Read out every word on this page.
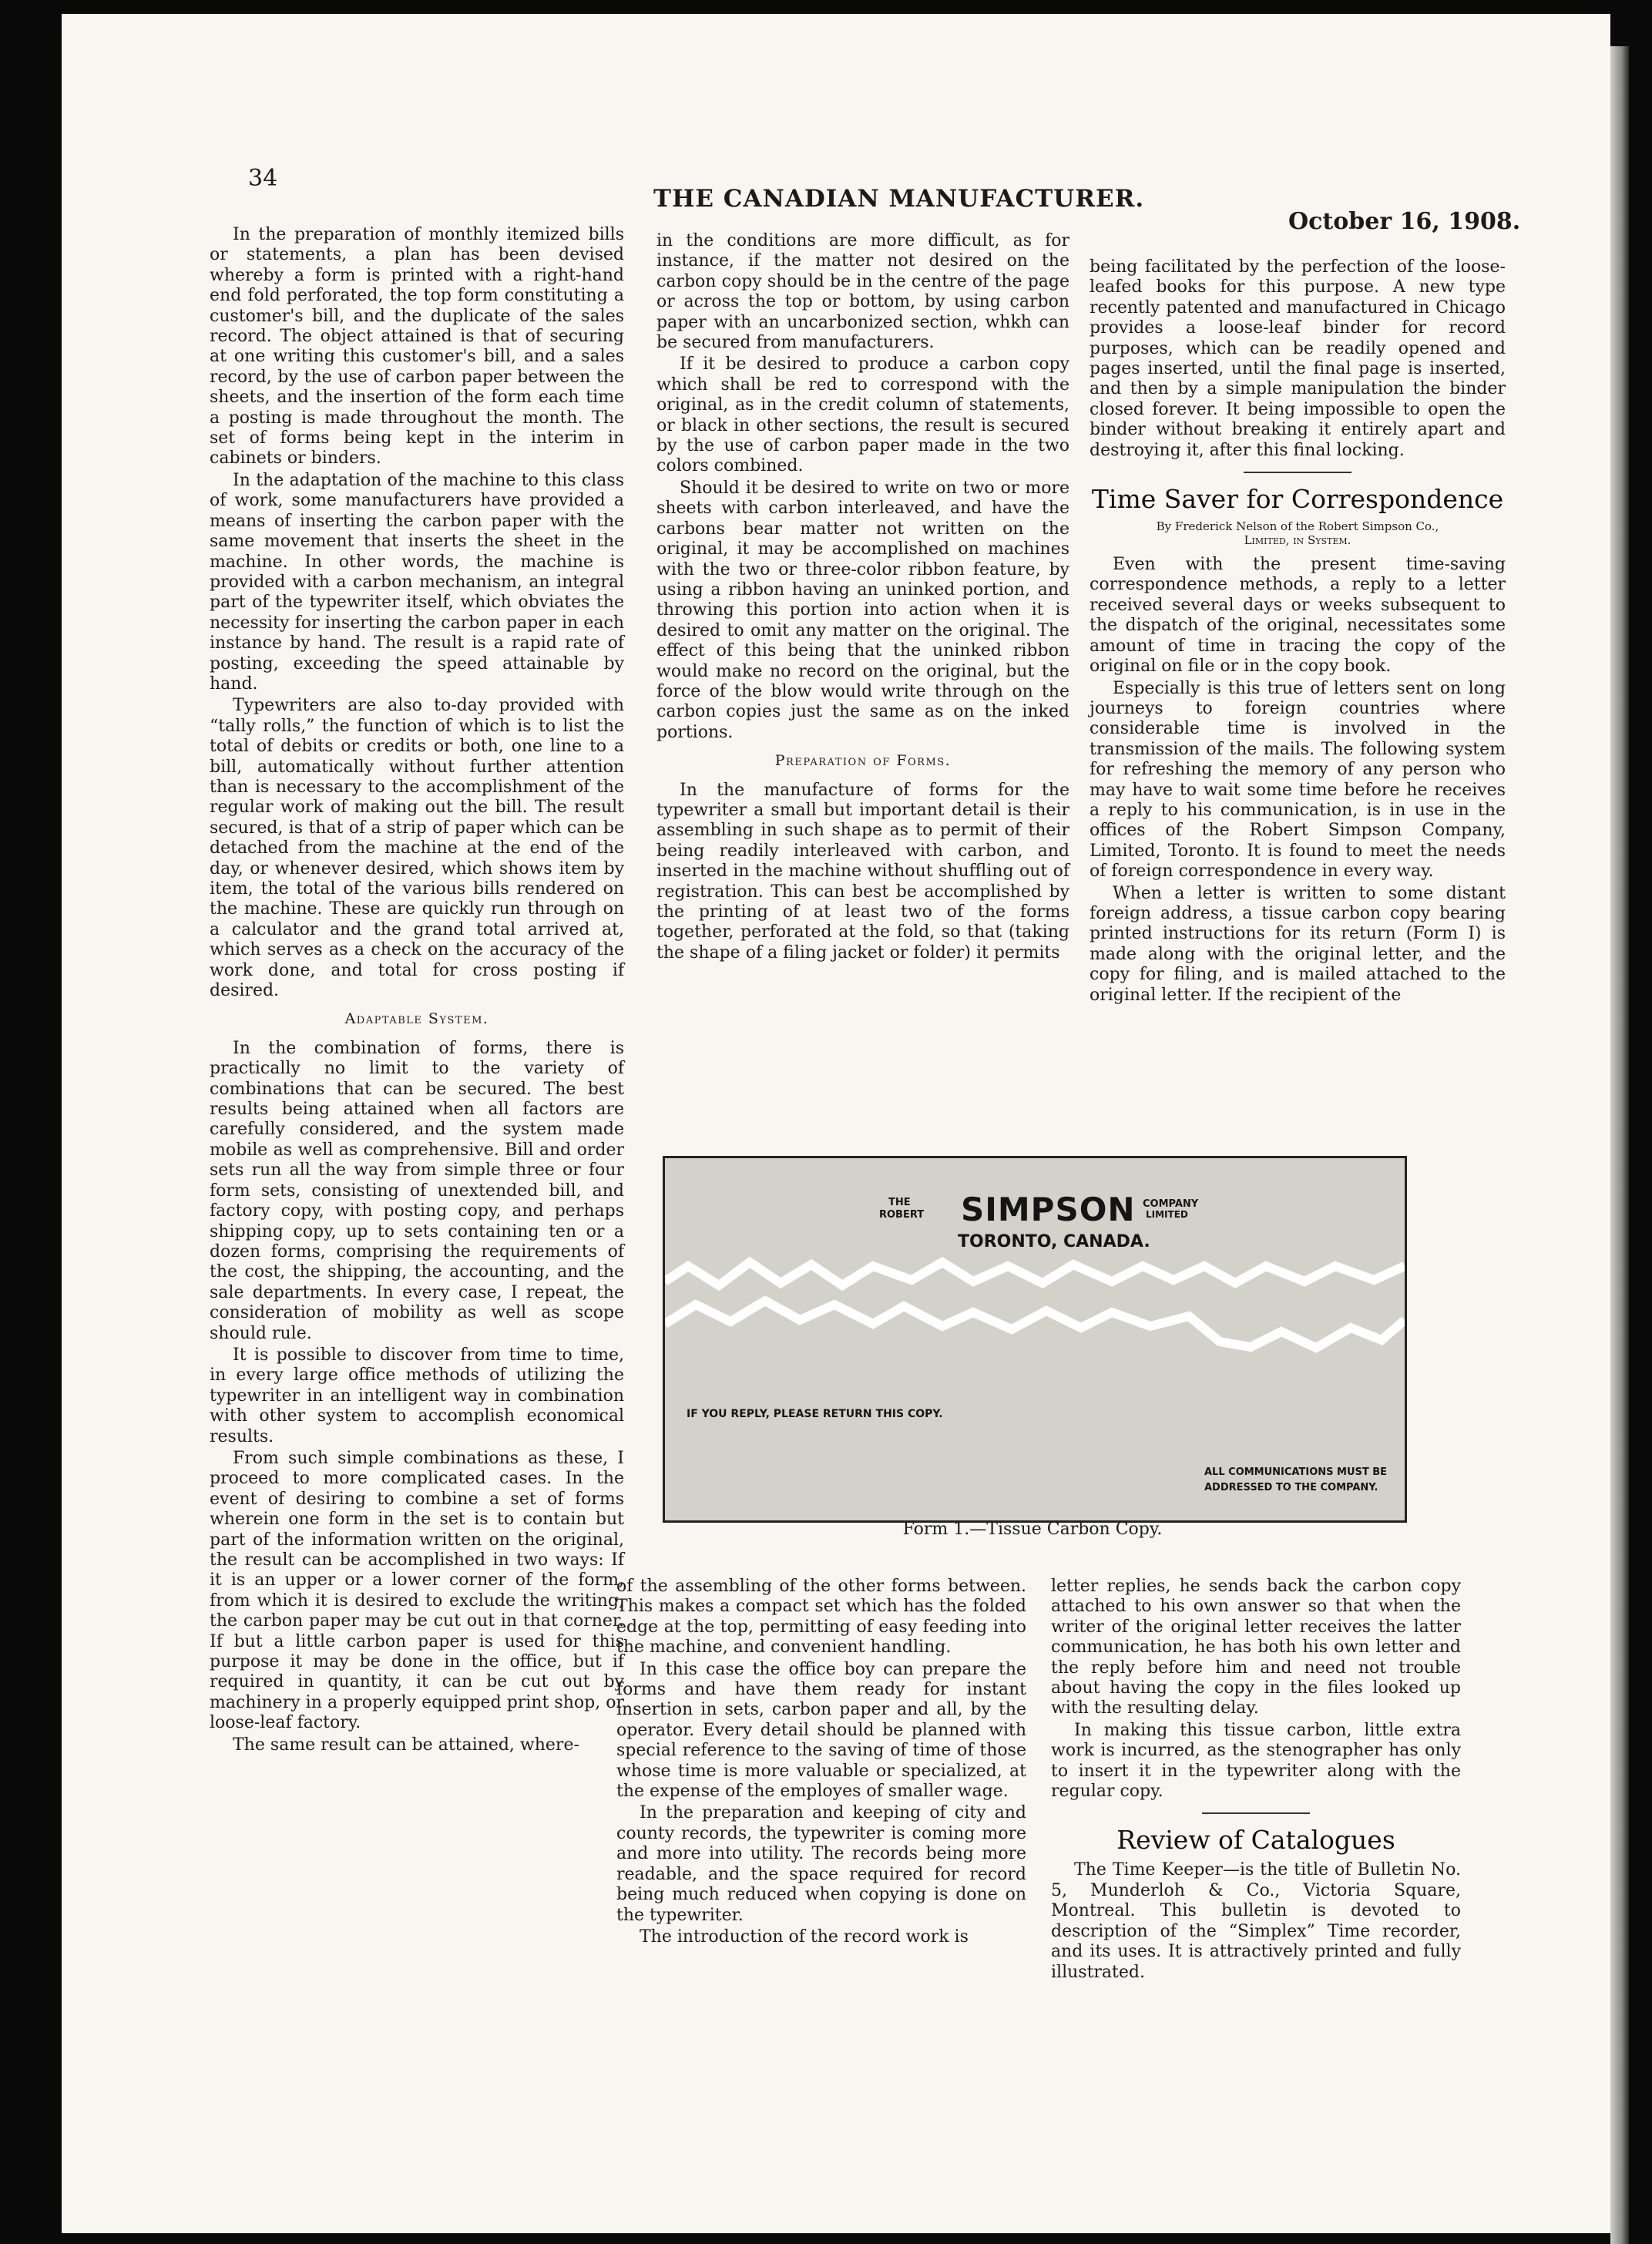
34
THE CANADIAN MANUFACTURER.
October 16, 1908.

In the preparation of monthly itemized bills or statements, a plan has been devised whereby a form is printed with a right-hand end fold perforated, the top form constituting a customer's bill, and the duplicate of the sales record. The object attained is that of securing at one writing this customer's bill, and a sales record, by the use of carbon paper between the sheets, and the insertion of the form each time a posting is made throughout the month. The set of forms being kept in the interim in cabinets or binders.

In the adaptation of the machine to this class of work, some manufacturers have provided a means of inserting the carbon paper with the same movement that inserts the sheet in the machine. In other words, the machine is provided with a carbon mechanism, an integral part of the typewriter itself, which obviates the necessity for inserting the carbon paper in each instance by hand. The result is a rapid rate of posting, exceeding the speed attainable by hand.

Typewriters are also to-day provided with “tally rolls,” the function of which is to list the total of debits or credits or both, one line to a bill, automatically without further attention than is necessary to the accomplishment of the regular work of making out the bill. The result secured, is that of a strip of paper which can be detached from the machine at the end of the day, or whenever desired, which shows item by item, the total of the various bills rendered on the machine. These are quickly run through on a calculator and the grand total arrived at, which serves as a check on the accuracy of the work done, and total for cross posting if desired.

Adaptable System.

In the combination of forms, there is practically no limit to the variety of combinations that can be secured. The best results being attained when all factors are carefully considered, and the system made mobile as well as comprehensive. Bill and order sets run all the way from simple three or four form sets, consisting of unextended bill, and factory copy, with posting copy, and perhaps shipping copy, up to sets containing ten or a dozen forms, comprising the requirements of the cost, the shipping, the accounting, and the sale departments. In every case, I repeat, the consideration of mobility as well as scope should rule.

It is possible to discover from time to time, in every large office methods of utilizing the typewriter in an intelligent way in combination with other system to accomplish economical results.

From such simple combinations as these, I proceed to more complicated cases. In the event of desiring to combine a set of forms wherein one form in the set is to contain but part of the information written on the original, the result can be accomplished in two ways: If it is an upper or a lower corner of the form, from which it is desired to exclude the writing, the carbon paper may be cut out in that corner. If but a little carbon paper is used for this purpose it may be done in the office, but if required in quantity, it can be cut out by machinery in a properly equipped print shop, or loose-leaf factory.

The same result can be attained, where-

in the conditions are more difficult, as for instance, if the matter not desired on the carbon copy should be in the centre of the page or across the top or bottom, by using carbon paper with an uncarbonized section, whkh can be secured from manufacturers.

If it be desired to produce a carbon copy which shall be red to correspond with the original, as in the credit column of statements, or black in other sections, the result is secured by the use of carbon paper made in the two colors combined.

Should it be desired to write on two or more sheets with carbon interleaved, and have the carbons bear matter not written on the original, it may be accomplished on machines with the two or three-color ribbon feature, by using a ribbon having an uninked portion, and throwing this portion into action when it is desired to omit any matter on the original. The effect of this being that the uninked ribbon would make no record on the original, but the force of the blow would write through on the carbon copies just the same as on the inked portions.

Preparation of Forms.

In the manufacture of forms for the typewriter a small but important detail is their assembling in such shape as to permit of their being readily interleaved with carbon, and inserted in the machine without shuffling out of registration. This can best be accomplished by the printing of at least two of the forms together, perforated at the fold, so that (taking the shape of a filing jacket or folder) it permits

being facilitated by the perfection of the loose-leafed books for this purpose. A new type recently patented and manufactured in Chicago provides a loose-leaf binder for record purposes, which can be readily opened and pages inserted, until the final page is inserted, and then by a simple manipulation the binder closed forever. It being impossible to open the binder without breaking it entirely apart and destroying it, after this final locking.

Time Saver for Correspondence
By Frederick Nelson of the Robert Simpson Co.,
Limited, in System.

Even with the present time-saving correspondence methods, a reply to a letter received several days or weeks subsequent to the dispatch of the original, necessitates some amount of time in tracing the copy of the original on file or in the copy book.

Especially is this true of letters sent on long journeys to foreign countries where considerable time is involved in the transmission of the mails. The following system for refreshing the memory of any person who may have to wait some time before he receives a reply to his communication, is in use in the offices of the Robert Simpson Company, Limited, Toronto. It is found to meet the needs of foreign correspondence in every way.

When a letter is written to some distant foreign address, a tissue carbon copy bearing printed instructions for its return (Form I) is made along with the original letter, and the copy for filing, and is mailed attached to the original letter. If the recipient of the

THE
ROBERT SIMPSON COMPANY
LIMITED
TORONTO, CANADA.
IF YOU REPLY, PLEASE RETURN THIS COPY.
ALL COMMUNICATIONS MUST BE
ADDRESSED TO THE COMPANY.
Form 1.—Tissue Carbon Copy.

of the assembling of the other forms between. This makes a compact set which has the folded edge at the top, permitting of easy feeding into the machine, and convenient handling.

In this case the office boy can prepare the forms and have them ready for instant insertion in sets, carbon paper and all, by the operator. Every detail should be planned with special reference to the saving of time of those whose time is more valuable or specialized, at the expense of the employes of smaller wage.

In the preparation and keeping of city and county records, the typewriter is coming more and more into utility. The records being more readable, and the space required for record being much reduced when copying is done on the typewriter.

The introduction of the record work is

letter replies, he sends back the carbon copy attached to his own answer so that when the writer of the original letter receives the latter communication, he has both his own letter and the reply before him and need not trouble about having the copy in the files looked up with the resulting delay.

In making this tissue carbon, little extra work is incurred, as the stenographer has only to insert it in the typewriter along with the regular copy.

Review of Catalogues

The Time Keeper—is the title of Bulletin No. 5, Munderloh & Co., Victoria Square, Montreal. This bulletin is devoted to description of the “Simplex” Time recorder, and its uses. It is attractively printed and fully illustrated.
